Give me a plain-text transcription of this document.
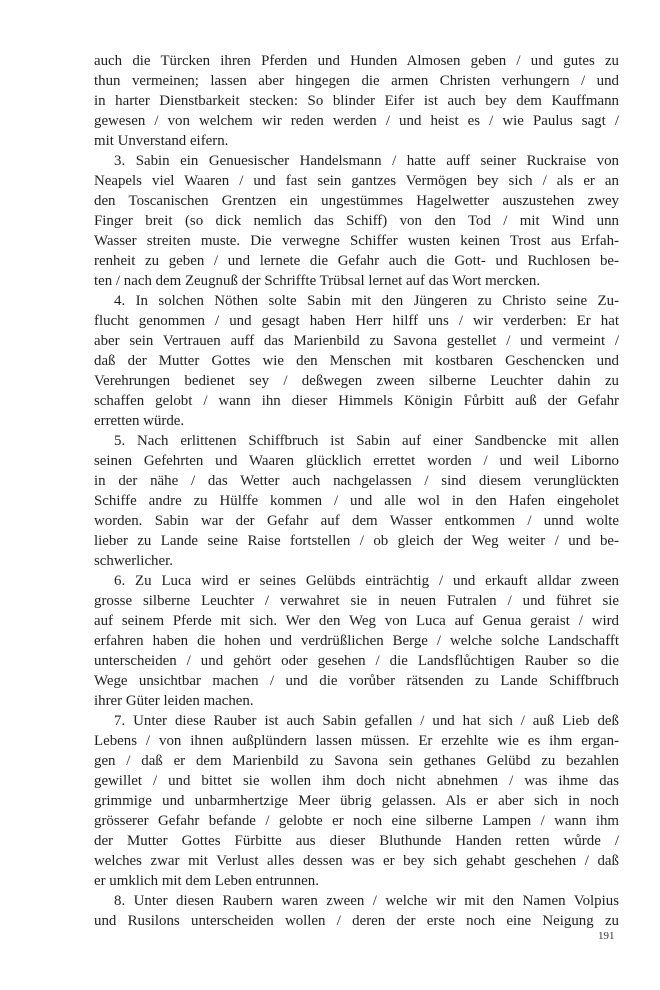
auch die Türcken ihren Pferden und Hunden Almosen geben / und gutes zu
thun vermeinen; lassen aber hingegen die armen Christen verhungern / und
in harter Dienstbarkeit stecken: So blinder Eifer ist auch bey dem Kauffmann
gewesen / von welchem wir reden werden / und heist es / wie Paulus sagt /
mit Unverstand eifern.
3. Sabin ein Genuesischer Handelsmann / hatte auff seiner Ruckraise von
Neapels viel Waaren / und fast sein gantzes Vermögen bey sich / als er an
den Toscanischen Grentzen ein ungestümmes Hagelwetter auszustehen zwey
Finger breit (so dick nemlich das Schiff) von den Tod / mit Wind unn
Wasser streiten muste. Die verwegne Schiffer wusten keinen Trost aus Erfah-
renheit zu geben / und lernete die Gefahr auch die Gott- und Ruchlosen be-
ten / nach dem Zeugnuß der Schriffte Trübsal lernet auf das Wort mercken.
4. In solchen Nöthen solte Sabin mit den Jüngeren zu Christo seine Zu-
flucht genommen / und gesagt haben Herr hilff uns / wir verderben: Er hat
aber sein Vertrauen auff das Marienbild zu Savona gestellet / und vermeint /
daß der Mutter Gottes wie den Menschen mit kostbaren Geschencken und
Verehrungen bedienet sey / deßwegen zween silberne Leuchter dahin zu
schaffen gelobt / wann ihn dieser Himmels Königin Fůrbitt auß der Gefahr
erretten würde.
5. Nach erlittenen Schiffbruch ist Sabin auf einer Sandbencke mit allen
seinen Gefehrten und Waaren glücklich errettet worden / und weil Liborno
in der nähe / das Wetter auch nachgelassen / sind diesem verunglückten
Schiffe andre zu Hülffe kommen / und alle wol in den Hafen eingeholet
worden. Sabin war der Gefahr auf dem Wasser entkommen / unnd wolte
lieber zu Lande seine Raise fortstellen / ob gleich der Weg weiter / und be-
schwerlicher.
6. Zu Luca wird er seines Gelübds einträchtig / und erkauft alldar zween
grosse silberne Leuchter / verwahret sie in neuen Futralen / und führet sie
auf seinem Pferde mit sich. Wer den Weg von Luca auf Genua geraist / wird
erfahren haben die hohen und verdrüßlichen Berge / welche solche Landschafft
unterscheiden / und gehört oder gesehen / die Landsflůchtigen Rauber so die
Wege unsichtbar machen / und die vorůber rätsenden zu Lande Schiffbruch
ihrer Güter leiden machen.
7. Unter diese Rauber ist auch Sabin gefallen / und hat sich / auß Lieb deß
Lebens / von ihnen außplündern lassen müssen. Er erzehlte wie es ihm ergan-
gen / daß er dem Marienbild zu Savona sein gethanes Gelübd zu bezahlen
gewillet / und bittet sie wollen ihm doch nicht abnehmen / was ihme das
grimmige und unbarmhertzige Meer übrig gelassen. Als er aber sich in noch
grösserer Gefahr befande / gelobte er noch eine silberne Lampen / wann ihm
der Mutter Gottes Fürbitte aus dieser Bluthunde Handen retten wůrde /
welches zwar mit Verlust alles dessen was er bey sich gehabt geschehen / daß
er umklich mit dem Leben entrunnen.
8. Unter diesen Raubern waren zween / welche wir mit den Namen Volpius
und Rusilons unterscheiden wollen / deren der erste noch eine Neigung zu
191
